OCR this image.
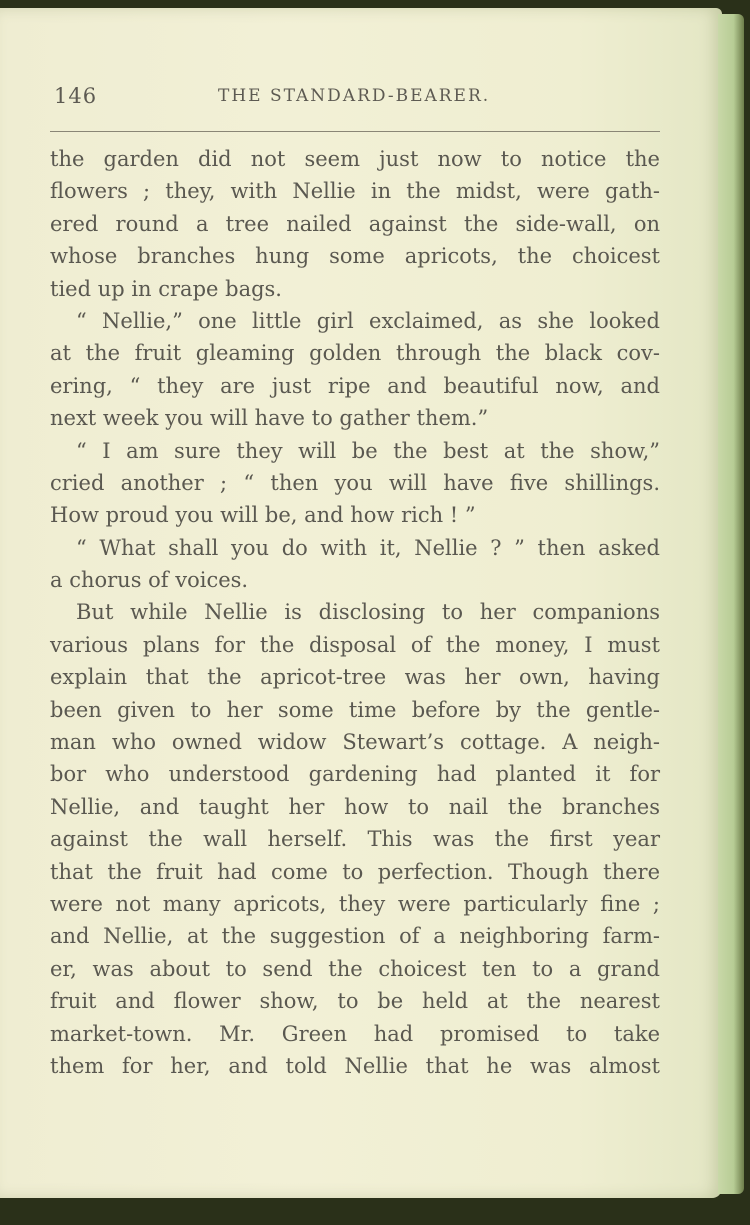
146	THE STANDARD-BEARER.
the garden did not seem just now to notice the
flowers ; they, with Nellie in the midst, were gath-
ered round a tree nailed against the side-wall, on
whose branches hung some apricots, the choicest
tied up in crape bags.
“ Nellie,” one little girl exclaimed, as she looked
at the fruit gleaming golden through the black cov-
ering, “ they are just ripe and beautiful now, and
next week you will have to gather them.”
“ I am sure they will be the best at the show,”
cried another ; “ then you will have five shillings.
How proud you will be, and how rich ! ”
“ What shall you do with it, Nellie ? ” then asked
a chorus of voices.
But while Nellie is disclosing to her companions
various plans for the disposal of the money, I must
explain that the apricot-tree was her own, having
been given to her some time before by the gentle-
man who owned widow Stewart’s cottage. A neigh-
bor who understood gardening had planted it for
Nellie, and taught her how to nail the branches
against the wall herself. This was the first year
that the fruit had come to perfection. Though there
were not many apricots, they were particularly fine ;
and Nellie, at the suggestion of a neighboring farm-
er, was about to send the choicest ten to a grand
fruit and flower show, to be held at the nearest
market-town. Mr. Green had promised to take
them for her, and told Nellie that he was almost
